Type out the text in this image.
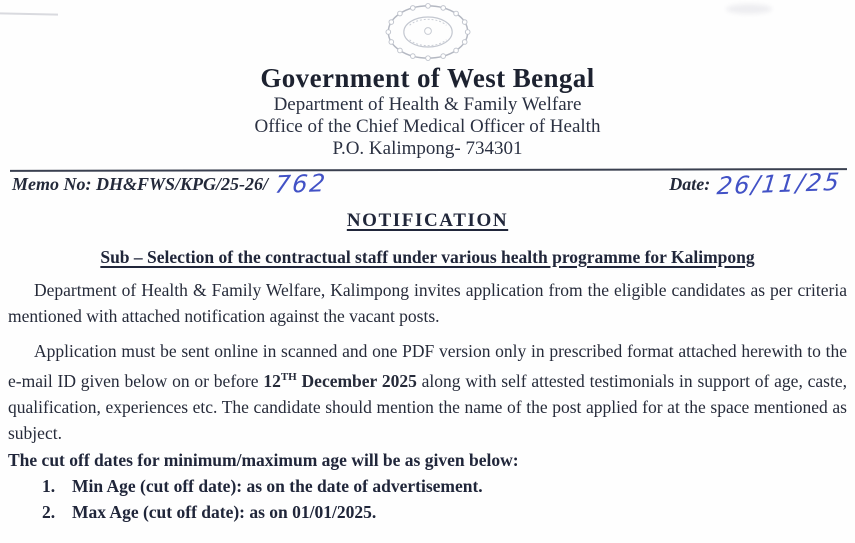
Government of West Bengal
Department of Health & Family Welfare
Office of the Chief Medical Officer of Health
P.O. Kalimpong- 734301
Memo No: DH&FWS/KPG/25-26/ 762	Date: 26/11/25
NOTIFICATION
Sub – Selection of the contractual staff under various health programme for Kalimpong

Department of Health & Family Welfare, Kalimpong invites application from the eligible candidates as per criteria mentioned with attached notification against the vacant posts.

Application must be sent online in scanned and one PDF version only in prescribed format attached herewith to the e-mail ID given below on or before 12TH December 2025 along with self attested testimonials in support of age, caste, qualification, experiences etc. The candidate should mention the name of the post applied for at the space mentioned as subject.

The cut off dates for minimum/maximum age will be as given below:
1. Min Age (cut off date): as on the date of advertisement.
2. Max Age (cut off date): as on 01/01/2025.
